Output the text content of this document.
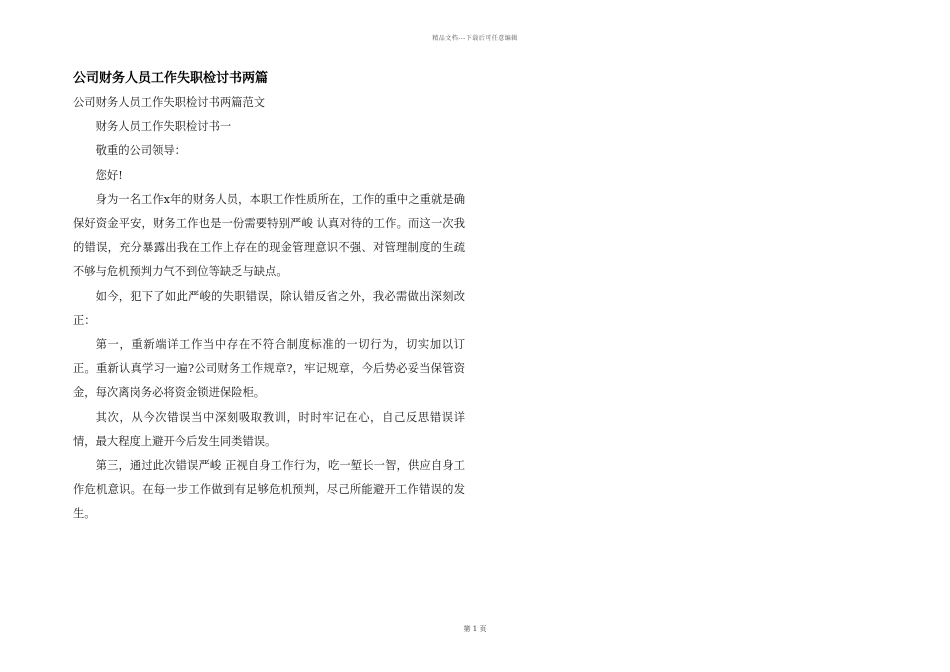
精品文档---下载后可任意编辑
公司财务人员工作失职检讨书两篇

公司财务人员工作失职检讨书两篇范文

财务人员工作失职检讨书一

敬重的公司领导：

您好!

身为一名工作x年的财务人员，本职工作性质所在，工作的重中之重就是确保好资金平安，财务工作也是一份需要特别严峻 认真对待的工作。而这一次我的错误，充分暴露出我在工作上存在的现金管理意识不强、对管理制度的生疏不够与危机预判力气不到位等缺乏与缺点。

如今，犯下了如此严峻的失职错误，除认错反省之外，我必需做出深刻改正：

第一，重新端详工作当中存在不符合制度标准的一切行为，切实加以订正。重新认真学习一遍?公司财务工作规章?，牢记规章，今后势必妥当保管资金，每次离岗务必将资金锁进保险柜。

其次，从今次错误当中深刻吸取教训，时时牢记在心，自己反思错误详情，最大程度上避开今后发生同类错误。

第三，通过此次错误严峻 正视自身工作行为，吃一堑长一智，供应自身工作危机意识。在每一步工作做到有足够危机预判，尽己所能避开工作错误的发生。

第 1 页
